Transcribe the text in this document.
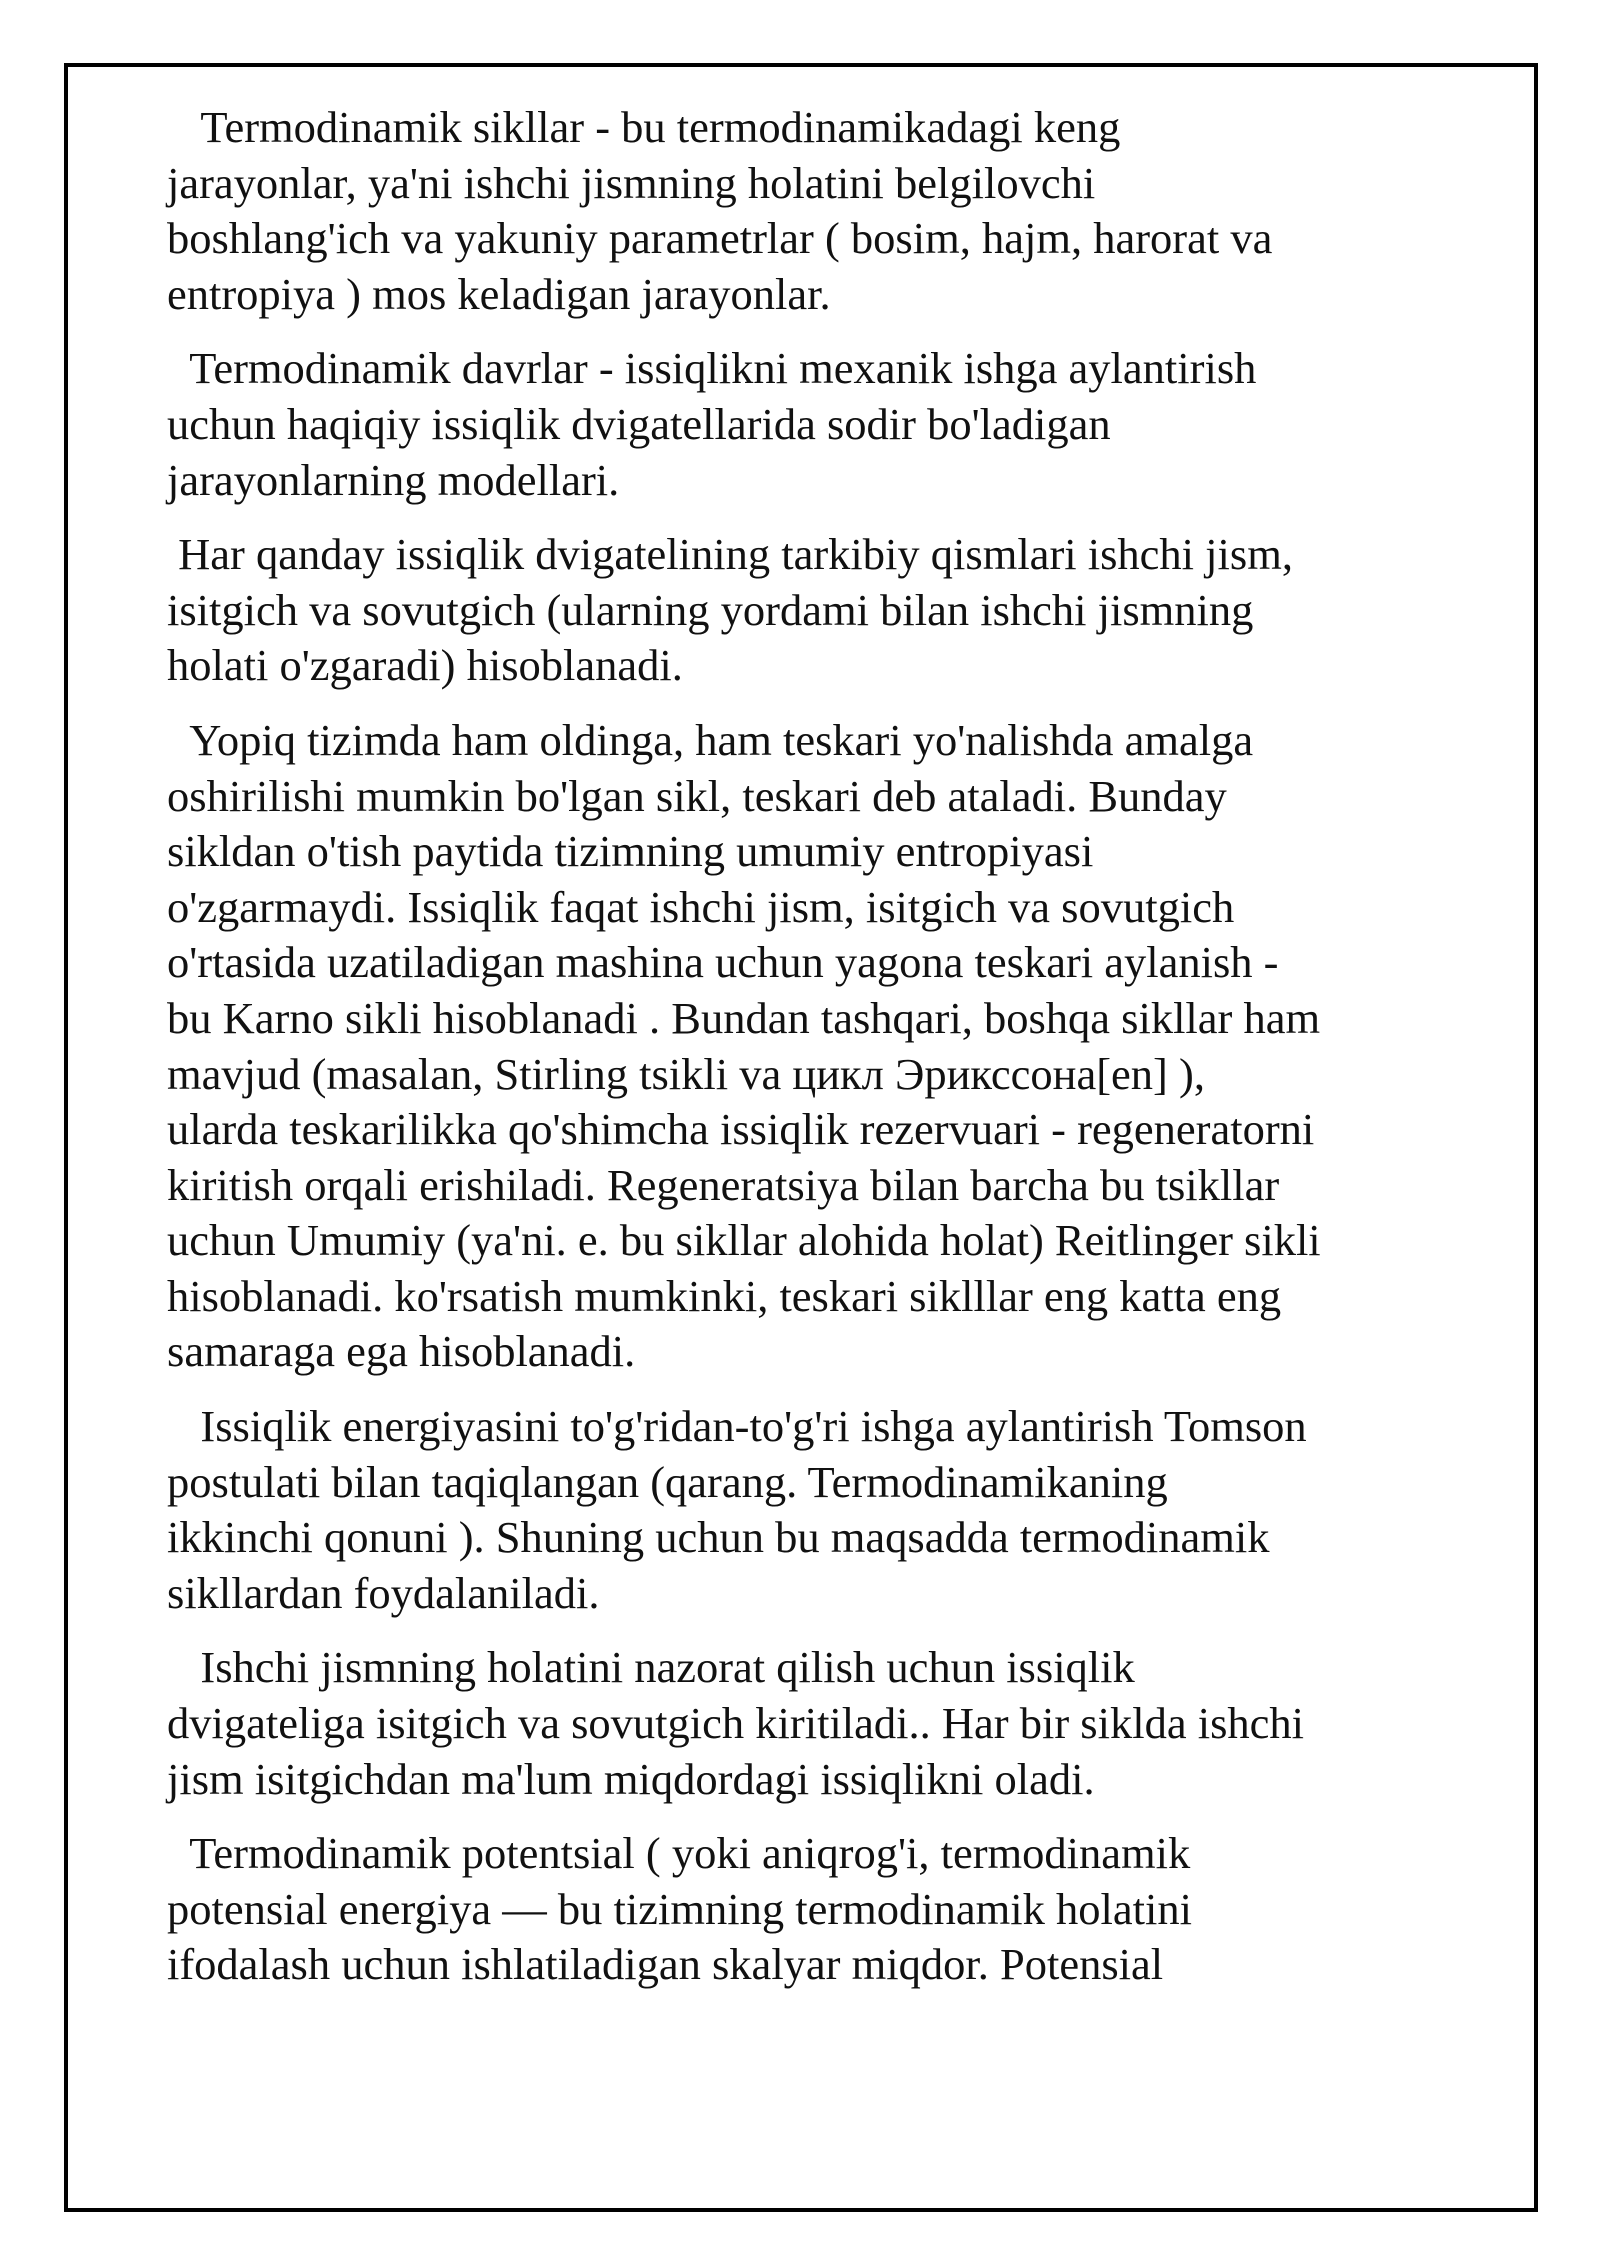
Termodinamik sikllar - bu termodinamikadagi keng
jarayonlar, ya'ni ishchi jismning holatini belgilovchi
boshlang'ich va yakuniy parametrlar ( bosim, hajm, harorat va
entropiya ) mos keladigan jarayonlar.

Termodinamik davrlar - issiqlikni mexanik ishga aylantirish
uchun haqiqiy issiqlik dvigatellarida sodir bo'ladigan
jarayonlarning modellari.

Har qanday issiqlik dvigatelining tarkibiy qismlari ishchi jism,
isitgich va sovutgich (ularning yordami bilan ishchi jismning
holati o'zgaradi) hisoblanadi.

Yopiq tizimda ham oldinga, ham teskari yo'nalishda amalga
oshirilishi mumkin bo'lgan sikl, teskari deb ataladi. Bunday
sikldan o'tish paytida tizimning umumiy entropiyasi
o'zgarmaydi. Issiqlik faqat ishchi jism, isitgich va sovutgich
o'rtasida uzatiladigan mashina uchun yagona teskari aylanish -
bu Karno sikli hisoblanadi . Bundan tashqari, boshqa sikllar ham
mavjud (masalan, Stirling tsikli va цикл Эрикссона[en] ),
ularda teskarilikka qo'shimcha issiqlik rezervuari - regeneratorni
kiritish orqali erishiladi. Regeneratsiya bilan barcha bu tsikllar
uchun Umumiy (ya'ni. e. bu sikllar alohida holat) Reitlinger sikli
hisoblanadi. ko'rsatish mumkinki, teskari siklllar eng katta eng
samaraga ega hisoblanadi.

Issiqlik energiyasini to'g'ridan-to'g'ri ishga aylantirish Tomson
postulati bilan taqiqlangan (qarang. Termodinamikaning
ikkinchi qonuni ). Shuning uchun bu maqsadda termodinamik
sikllardan foydalaniladi.

Ishchi jismning holatini nazorat qilish uchun issiqlik
dvigateliga isitgich va sovutgich kiritiladi.. Har bir siklda ishchi
jism isitgichdan ma'lum miqdordagi issiqlikni oladi.

Termodinamik potentsial ( yoki aniqrog'i, termodinamik
potensial energiya — bu tizimning termodinamik holatini
ifodalash uchun ishlatiladigan skalyar miqdor. Potensial
